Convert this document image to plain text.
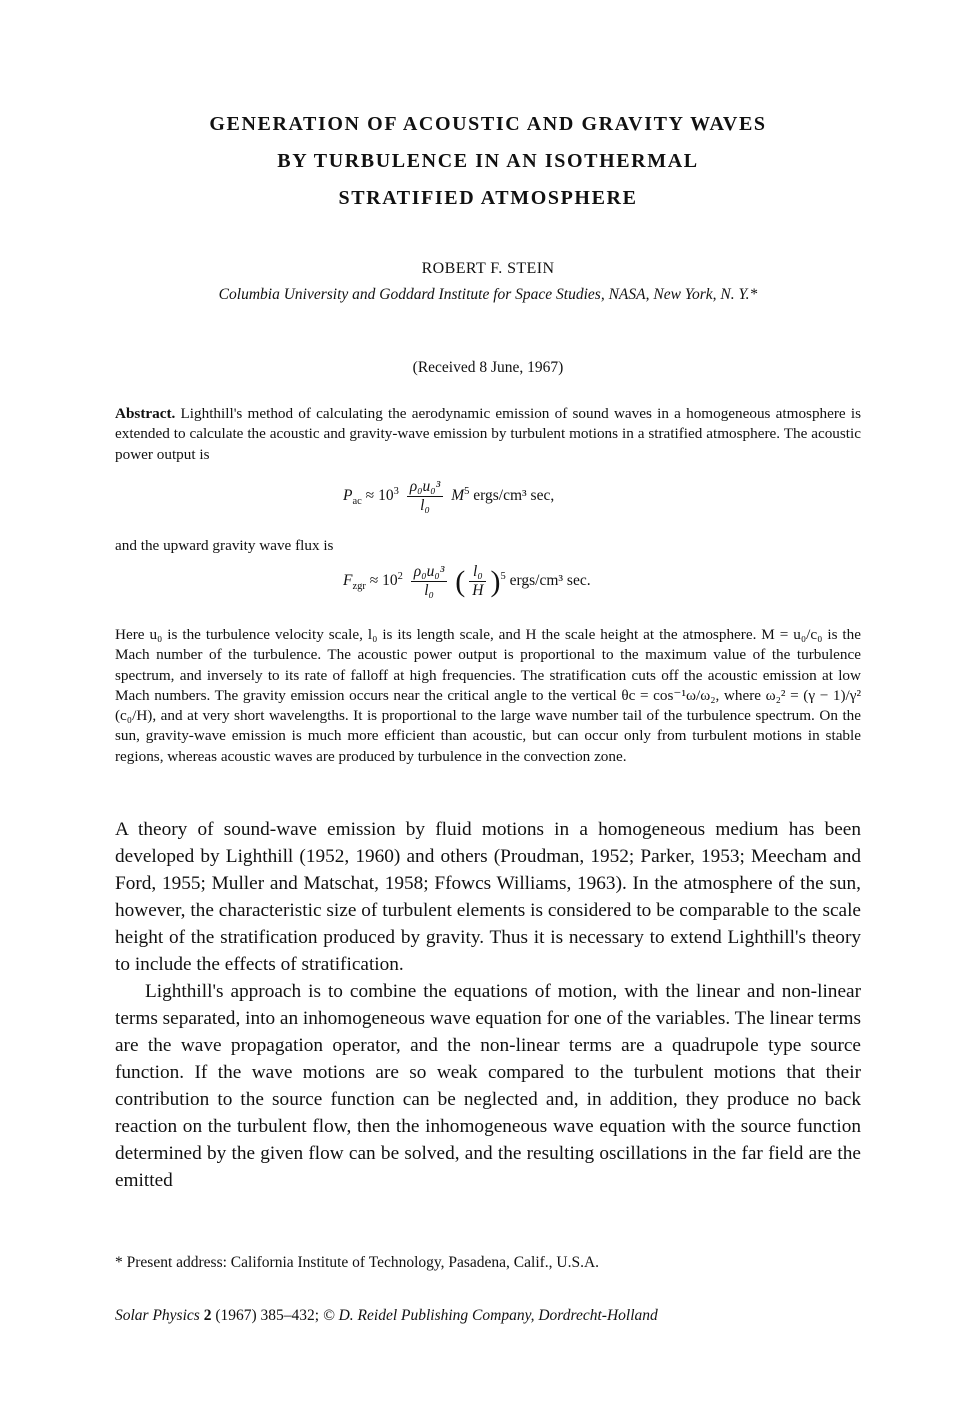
GENERATION OF ACOUSTIC AND GRAVITY WAVES
BY TURBULENCE IN AN ISOTHERMAL
STRATIFIED ATMOSPHERE
ROBERT F. STEIN
Columbia University and Goddard Institute for Space Studies, NASA, New York, N. Y.*
(Received 8 June, 1967)
Abstract. Lighthill's method of calculating the aerodynamic emission of sound waves in a homogeneous atmosphere is extended to calculate the acoustic and gravity-wave emission by turbulent motions in a stratified atmosphere. The acoustic power output is
$P_{ac} \approx 10^3 \frac{\text{ρ₀u₀³}}{\text{l₀}} M^5$ ergs/cm³ sec,
and the upward gravity wave flux is
$F_{zgr} \approx 10^2 \frac{\text{ρ₀u₀³}}{\text{l₀}}$ ( $\frac{\text{l₀}}{H} )^5$ ergs/cm³ sec.
Here u₀ is the turbulence velocity scale, l₀ is its length scale, and H the scale height at the atmosphere. M = u₀/c₀ is the Mach number of the turbulence. The acoustic power output is proportional to the maximum value of the turbulence spectrum, and inversely to its rate of falloff at high frequencies. The stratification cuts off the acoustic emission at low Mach numbers. The gravity emission occurs near the critical angle to the vertical θc = cos⁻¹ω/ω₂, where ω₂² = (γ − 1)/γ² (c₀/H), and at very short wavelengths. It is proportional to the large wave number tail of the turbulence spectrum. On the sun, gravity-wave emission is much more efficient than acoustic, but can occur only from turbulent motions in stable regions, whereas acoustic waves are produced by turbulence in the convection zone.

A theory of sound-wave emission by fluid motions in a homogeneous medium has been developed by Lighthill (1952, 1960) and others (Proudman, 1952; Parker, 1953; Meecham and Ford, 1955; Muller and Matschat, 1958; Ffowcs Williams, 1963). In the atmosphere of the sun, however, the characteristic size of turbulent elements is considered to be comparable to the scale height of the stratification produced by gravity. Thus it is necessary to extend Lighthill's theory to include the effects of stratification.

Lighthill's approach is to combine the equations of motion, with the linear and non-linear terms separated, into an inhomogeneous wave equation for one of the variables. The linear terms are the wave propagation operator, and the non-linear terms are a quadrupole type source function. If the wave motions are so weak compared to the turbulent motions that their contribution to the source function can be neglected and, in addition, they produce no back reaction on the turbulent flow, then the inhomogeneous wave equation with the source function determined by the given flow can be solved, and the resulting oscillations in the far field are the emitted

* Present address: California Institute of Technology, Pasadena, Calif., U.S.A.
Solar Physics 2 (1967) 385–432; © D. Reidel Publishing Company, Dordrecht-Holland
